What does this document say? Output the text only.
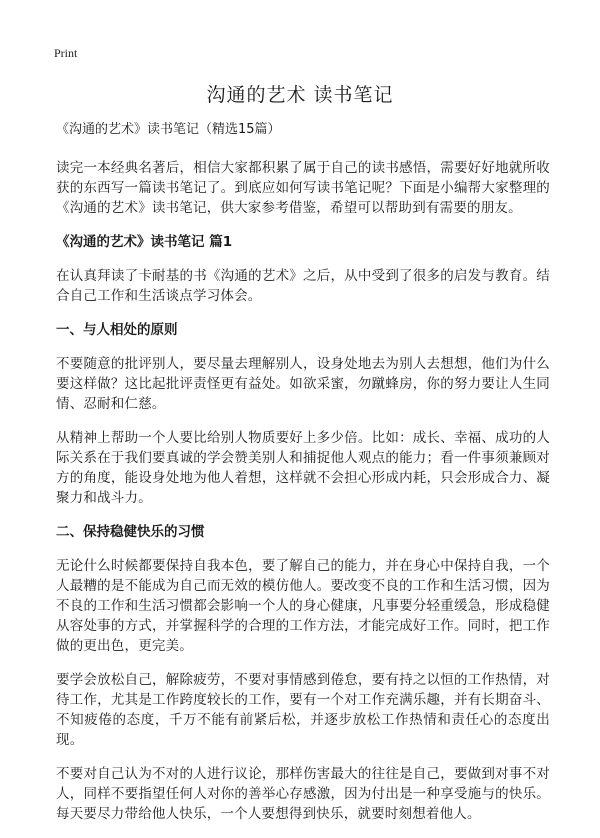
Print
沟通的艺术 读书笔记
《沟通的艺术》读书笔记（精选15篇）

读完一本经典名著后，相信大家都积累了属于自己的读书感悟，需要好好地就所收获的东西写一篇读书笔记了。到底应如何写读书笔记呢？下面是小编帮大家整理的《沟通的艺术》读书笔记，供大家参考借鉴，希望可以帮助到有需要的朋友。

《沟通的艺术》读书笔记 篇1

在认真拜读了卡耐基的书《沟通的艺术》之后，从中受到了很多的启发与教育。结合自己工作和生活谈点学习体会。

一、与人相处的原则

不要随意的批评别人，要尽量去理解别人，设身处地去为别人去想想，他们为什么要这样做？这比起批评责怪更有益处。如欲采蜜，勿蹴蜂房，你的努力要让人生同情、忍耐和仁慈。

从精神上帮助一个人要比给别人物质要好上多少倍。比如：成长、幸福、成功的人际关系在于我们要真诚的学会赞美别人和捕捉他人观点的能力；看一件事须兼顾对方的角度，能设身处地为他人着想，这样就不会担心形成内耗，只会形成合力、凝聚力和战斗力。

二、保持稳健快乐的习惯

无论什么时候都要保持自我本色，要了解自己的能力，并在身心中保持自我，一个人最糟的是不能成为自己而无效的模仿他人。要改变不良的工作和生活习惯，因为不良的工作和生活习惯都会影响一个人的身心健康，凡事要分轻重缓急，形成稳健从容处事的方式，并掌握科学的合理的工作方法，才能完成好工作。同时，把工作做的更出色，更完美。

要学会放松自己，解除疲劳，不要对事情感到倦怠，要有持之以恒的工作热情，对待工作，尤其是工作跨度较长的工作，要有一个对工作充满乐趣，并有长期奋斗、不知疲倦的态度，千万不能有前紧后松，并逐步放松工作热情和责任心的态度出现。

不要对自己认为不对的人进行议论，那样伤害最大的往往是自己，要做到对事不对人，同样不要指望任何人对你的善举心存感激，因为付出是一种享受施与的快乐。每天要尽力带给他人快乐，一个人要想得到快乐，就要时刻想着他人。
